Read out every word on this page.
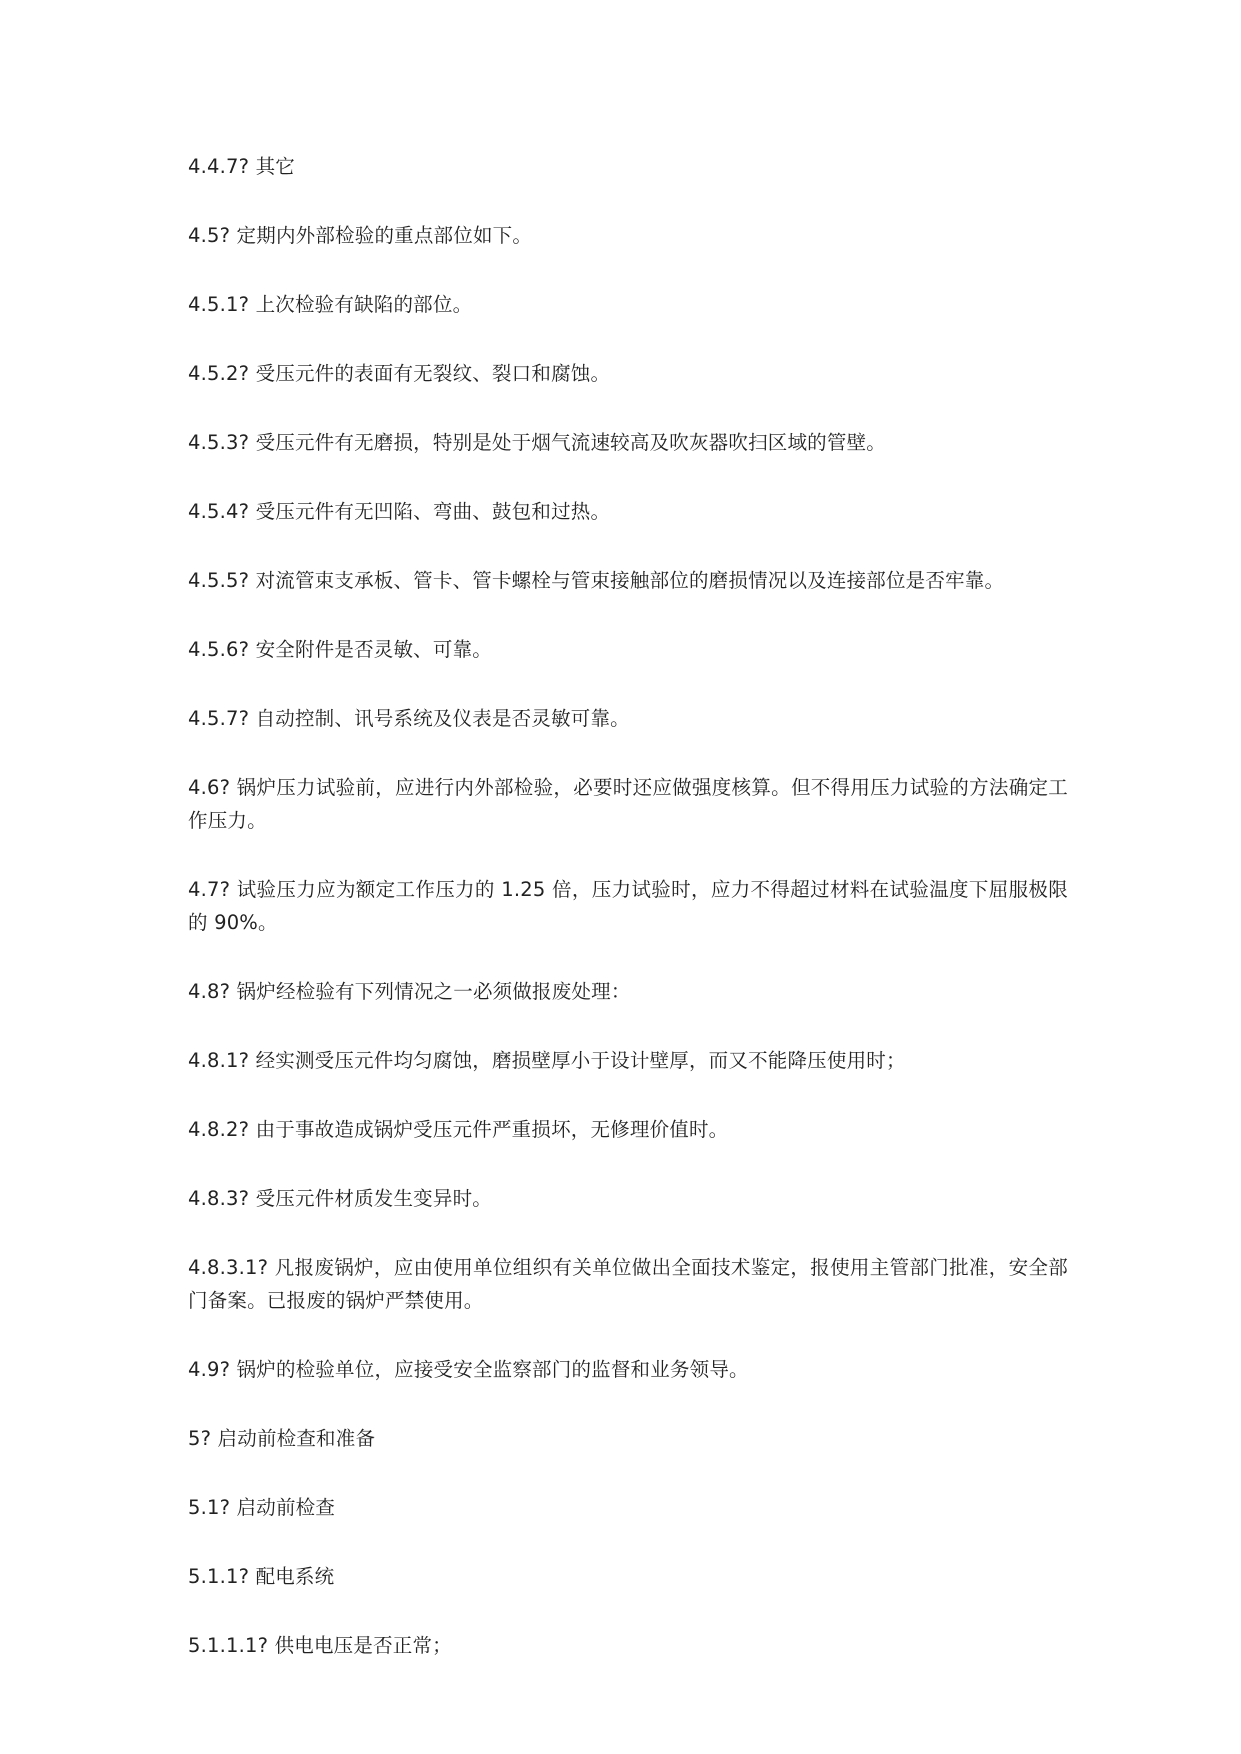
4.4.7? 其它

4.5? 定期内外部检验的重点部位如下。

4.5.1? 上次检验有缺陷的部位。

4.5.2? 受压元件的表面有无裂纹、裂口和腐蚀。

4.5.3? 受压元件有无磨损，特别是处于烟气流速较高及吹灰器吹扫区域的管壁。

4.5.4? 受压元件有无凹陷、弯曲、鼓包和过热。

4.5.5? 对流管束支承板、管卡、管卡螺栓与管束接触部位的磨损情况以及连接部位是否牢靠。

4.5.6? 安全附件是否灵敏、可靠。

4.5.7? 自动控制、讯号系统及仪表是否灵敏可靠。

4.6? 锅炉压力试验前，应进行内外部检验，必要时还应做强度核算。但不得用压力试验的方法确定工作压力。

4.7? 试验压力应为额定工作压力的 1.25 倍，压力试验时，应力不得超过材料在试验温度下屈服极限的 90%。

4.8? 锅炉经检验有下列情况之一必须做报废处理：

4.8.1? 经实测受压元件均匀腐蚀，磨损壁厚小于设计壁厚，而又不能降压使用时；

4.8.2? 由于事故造成锅炉受压元件严重损坏，无修理价值时。

4.8.3? 受压元件材质发生变异时。

4.8.3.1? 凡报废锅炉，应由使用单位组织有关单位做出全面技术鉴定，报使用主管部门批准，安全部门备案。已报废的锅炉严禁使用。

4.9? 锅炉的检验单位，应接受安全监察部门的监督和业务领导。

5? 启动前检查和准备

5.1? 启动前检查

5.1.1? 配电系统

5.1.1.1? 供电电压是否正常；
